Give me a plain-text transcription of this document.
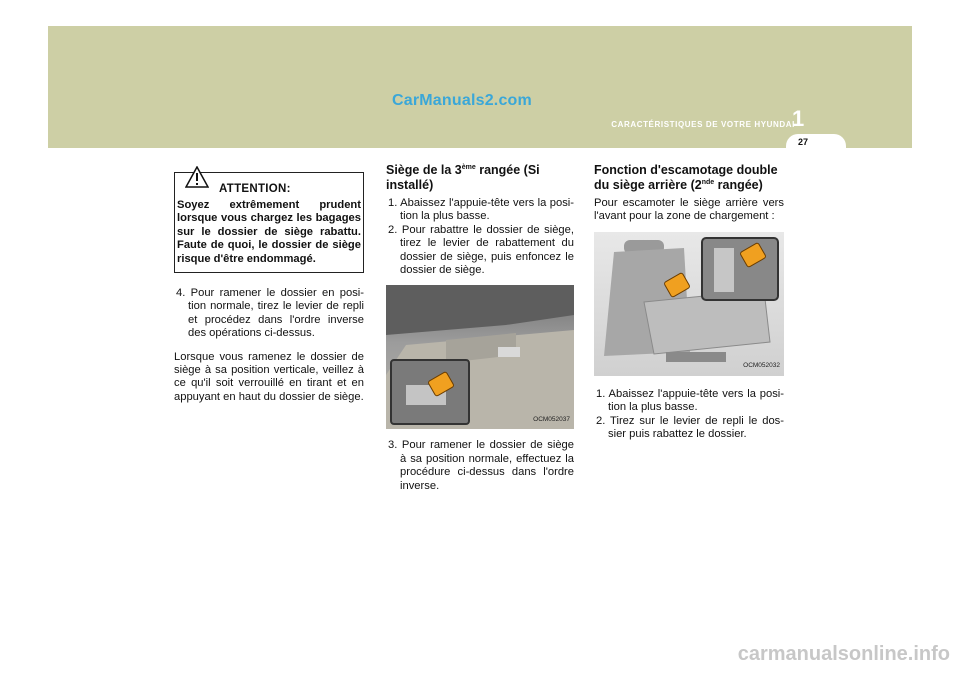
CarManuals2.com
CARACTÉRISTIQUES DE VOTRE HYUNDAI
1
27
ATTENTION:
Soyez extrêmement prudent lorsque vous chargez les bagages sur le dossier de siège rabattu. Faute de quoi, le dossier de siège risque d'être endommagé.
4. Pour ramener le dossier en posi-tion normale, tirez le levier de repli et procédez dans l'ordre inverse des opérations ci-dessus.
Lorsque vous ramenez le dossier de siège à sa position verticale, veillez à ce qu'il soit verrouillé en tirant et en appuyant en haut du dossier de siège.
Siège de la 3ème rangée (Si installé)
1. Abaissez l'appuie-tête vers la posi-tion la plus basse.
2. Pour rabattre le dossier de siège, tirez le levier de rabattement du dossier de siège, puis enfoncez le dossier de siège.
OCM052037
3. Pour ramener le dossier de siège à sa position normale, effectuez la procédure ci-dessus dans l'ordre inverse.
Fonction d'escamotage double du siège arrière (2nde rangée)
Pour escamoter le siège arrière vers l'avant pour la zone de chargement :
OCM052032
1. Abaissez l'appuie-tête vers la posi-tion la plus basse.
2. Tirez sur le levier de repli le dos-sier puis rabattez le dossier.
carmanualsonline.info
